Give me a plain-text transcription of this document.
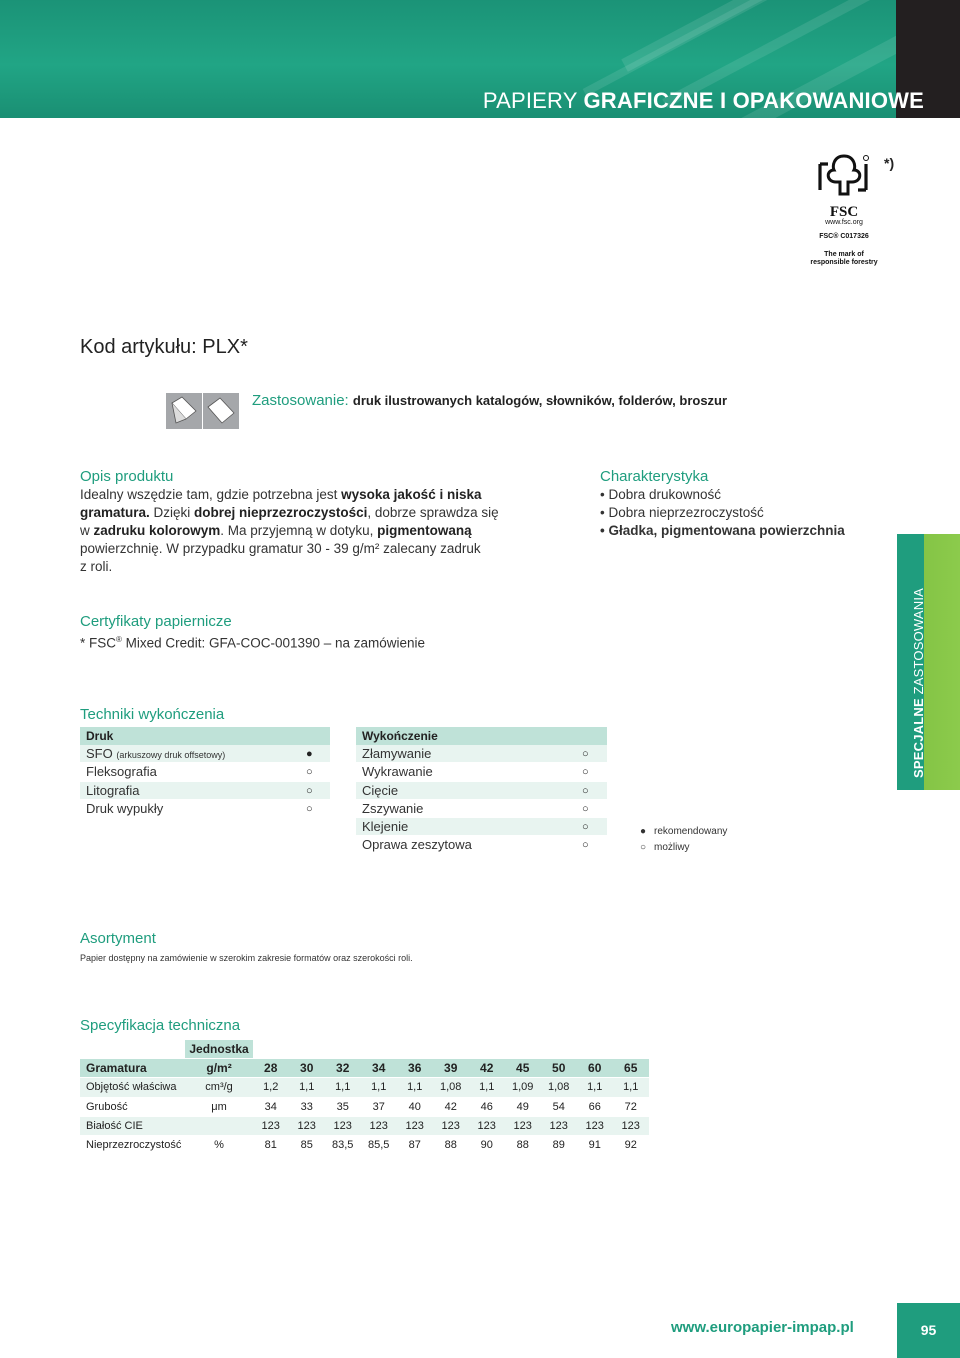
PAPIERY GRAFICZNE I OPAKOWANIOWE
FSC
www.fsc.org
FSC® C017326
The mark of
responsible forestry
*)
Kod artykułu: PLX*
Zastosowanie: druk ilustrowanych katalogów, słowników, folderów, broszur
Opis produktu
Idealny wszędzie tam, gdzie potrzebna jest wysoka jakość i niska
gramatura. Dzięki dobrej nieprzezroczystości, dobrze sprawdza się
w zadruku kolorowym. Ma przyjemną w dotyku, pigmentowaną
powierzchnię. W przypadku gramatur 30 - 39 g/m² zalecany zadruk
z roli.
Charakterystyka
• Dobra drukowność
• Dobra nieprzezroczystość
• Gładka, pigmentowana powierzchnia
Certyfikaty papiernicze
* FSC® Mixed Credit: GFA-COC-001390 – na zamówienie
Techniki wykończenia
Druk
SFO (arkuszowy druk offsetowy)	●
Fleksografia	○
Litografia	○
Druk wypukły	○
Wykończenie
Złamywanie	○
Wykrawanie	○
Cięcie	○
Zszywanie	○
Klejenie	○
Oprawa zeszytowa	○
● rekomendowany
○ możliwy
SPECJALNE ZASTOSOWANIA
Asortyment
Papier dostępny na zamówienie w szerokim zakresie formatów oraz szerokości roli.
Specyfikacja techniczna
	Jednostka											
Gramatura	g/m²	28	30	32	34	36	39	42	45	50	60	65
Objętość właściwa	cm³/g	1,2	1,1	1,1	1,1	1,1	1,08	1,1	1,09	1,08	1,1	1,1
Grubość	μm	34	33	35	37	40	42	46	49	54	66	72
Białość CIE		123	123	123	123	123	123	123	123	123	123	123
Nieprzezroczystość	%	81	85	83,5	85,5	87	88	90	88	89	91	92
www.europapier-impap.pl	95
